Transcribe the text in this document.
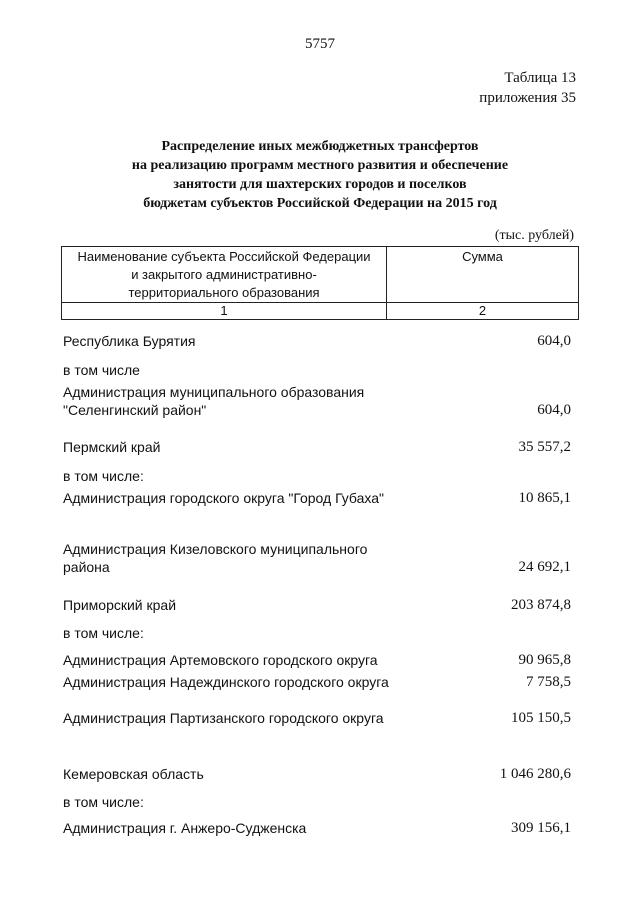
5757
Таблица 13
приложения 35
Распределение иных межбюджетных трансфертов
на реализацию программ местного развития и обеспечение
занятости для шахтерских городов и поселков
бюджетам субъектов Российской Федерации на 2015 год
(тыс. рублей)
Наименование субъекта Российской Федерации
и закрытого административно-
территориального образования	Сумма
1	2
Республика Бурятия	604,0
в том числе
Администрация муниципального образования "Селенгинский район"	604,0
Пермский край	35 557,2
в том числе:
Администрация городского округа "Город Губаха"	10 865,1
Администрация Кизеловского муниципального района	24 692,1
Приморский край	203 874,8
в том числе:
Администрация Артемовского городского округа	90 965,8
Администрация Надеждинского городского округа	7 758,5
Администрация Партизанского городского округа	105 150,5
Кемеровская область	1 046 280,6
в том числе:
Администрация г. Анжеро-Судженска	309 156,1
